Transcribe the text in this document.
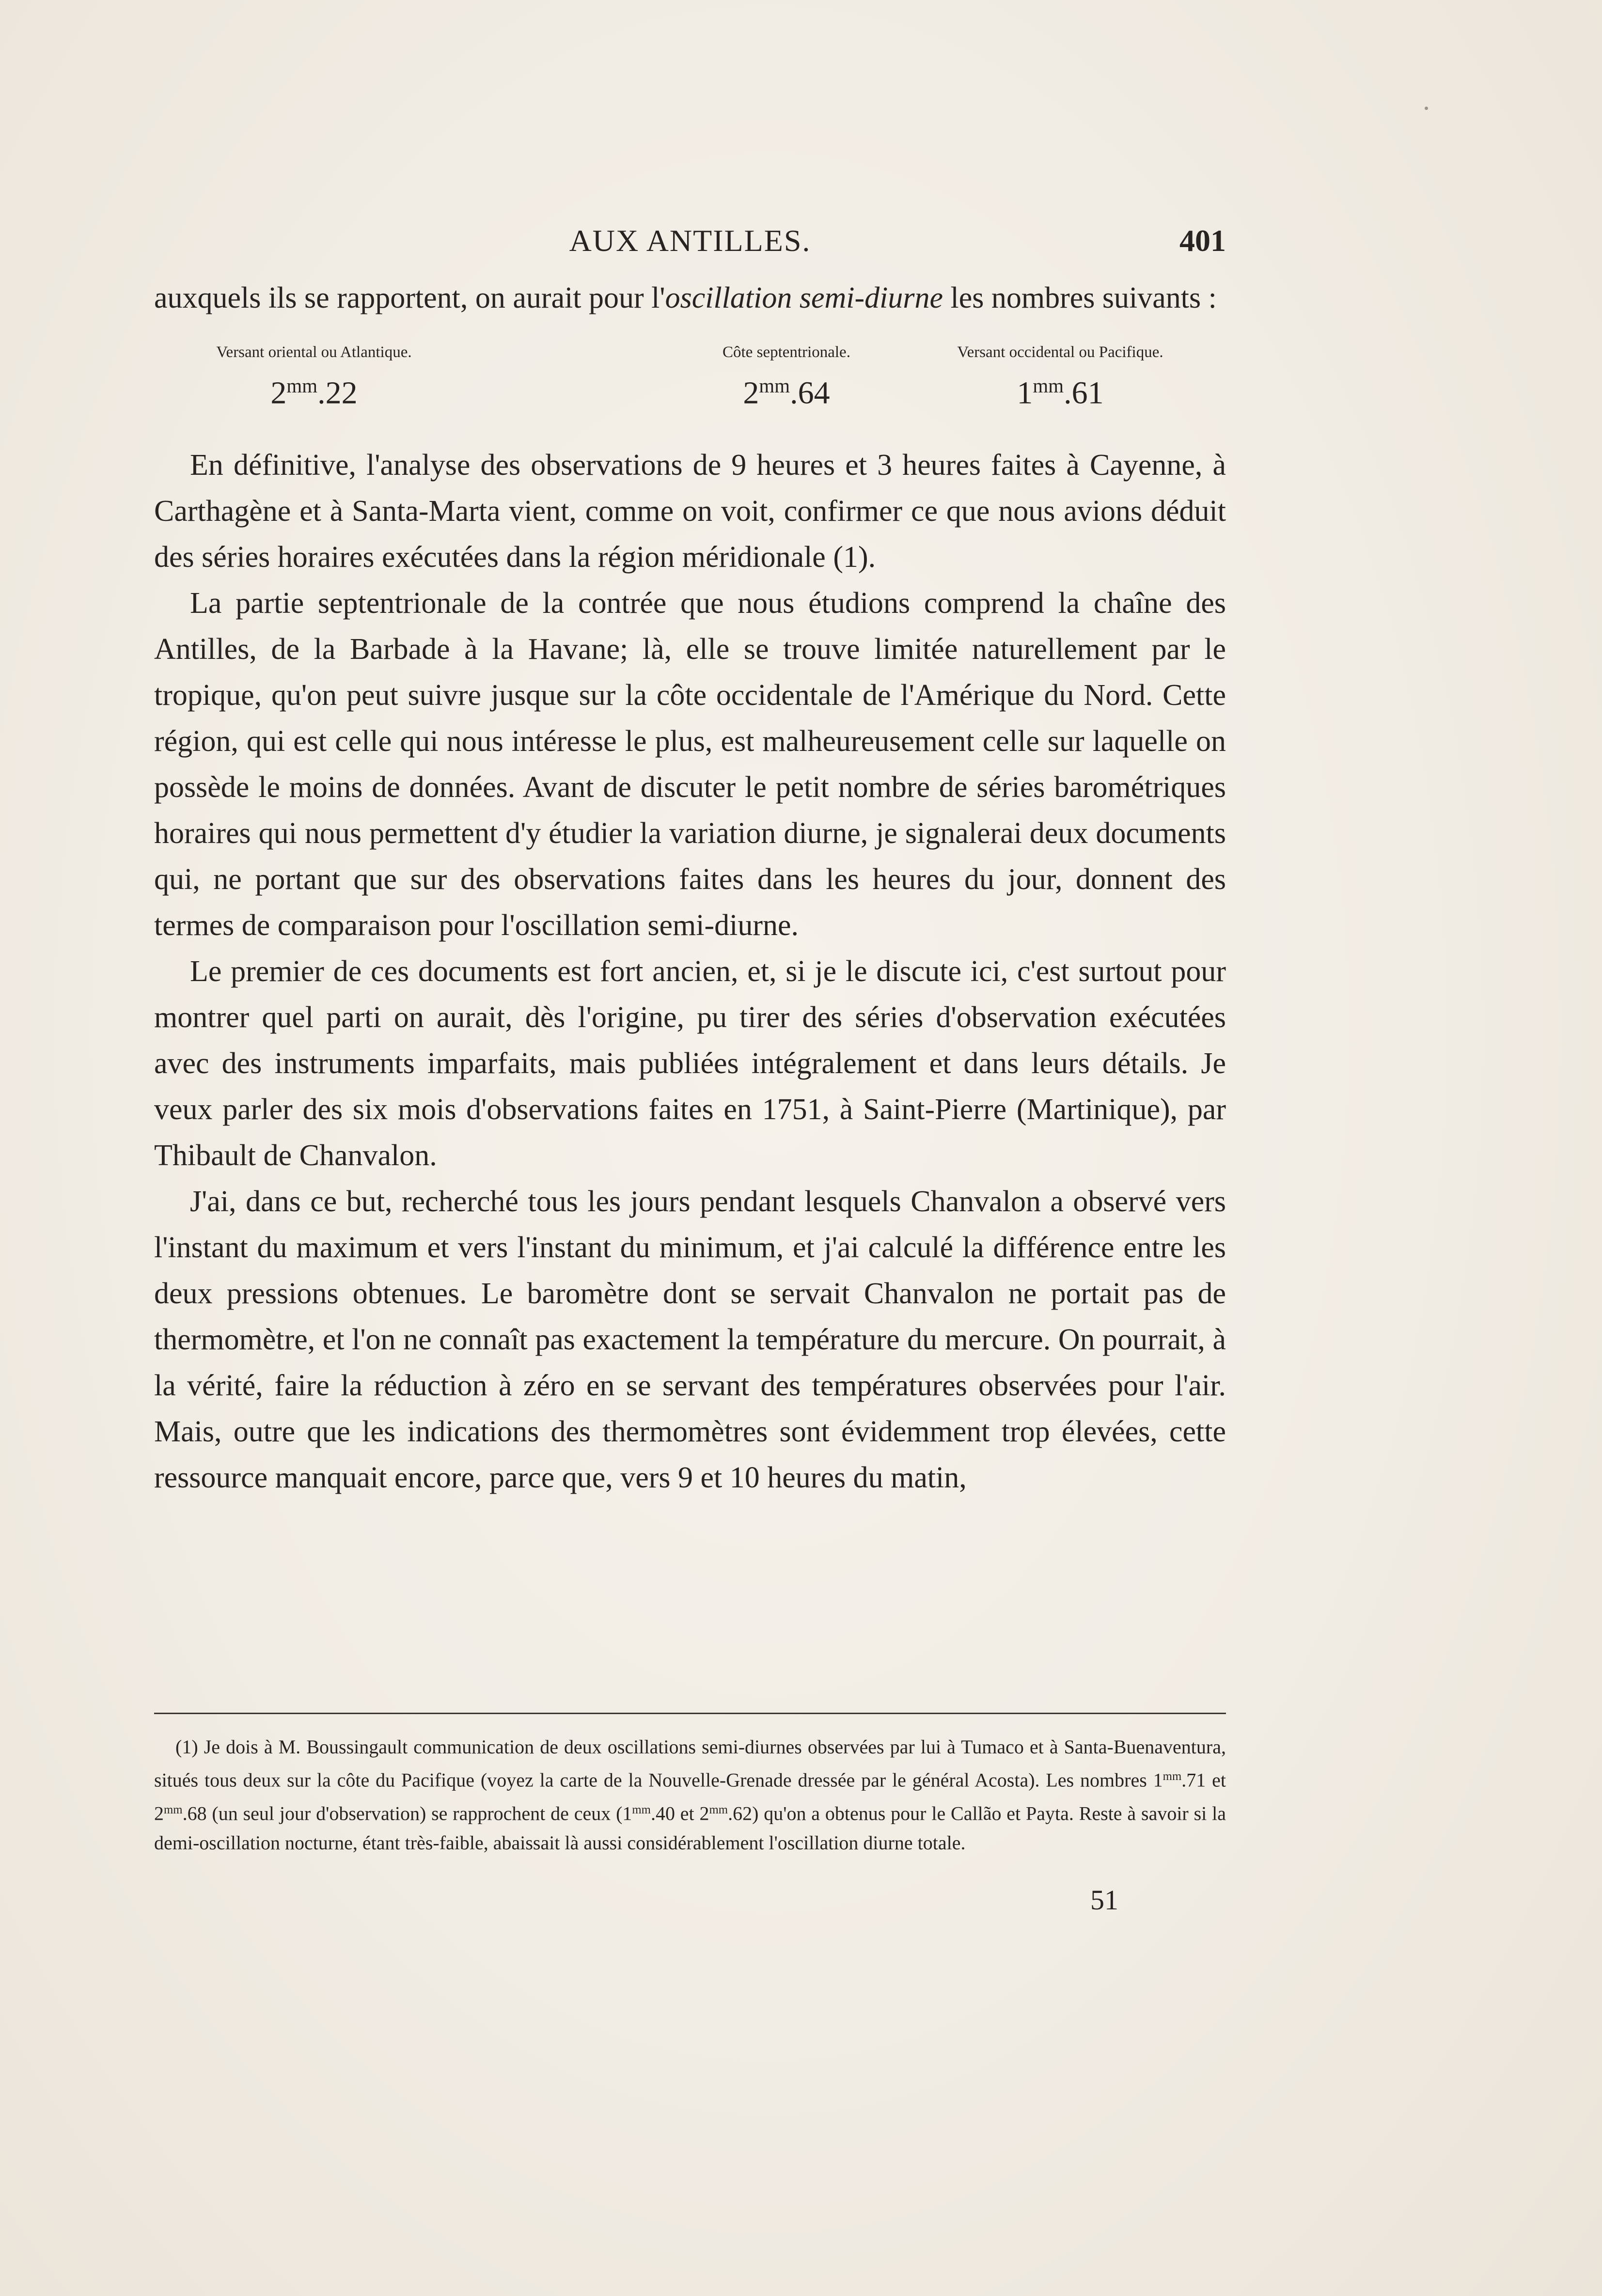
AUX ANTILLES.	401

auxquels ils se rapportent, on aurait pour l'oscillation semi-diurne les nombres suivants :

Versant oriental ou Atlantique.
$2^{mm}.22$
Côte septentrionale.
$2^{mm}.64$
Versant occidental ou Pacifique.
$1^{mm}.61$

En définitive, l'analyse des observations de 9 heures et 3 heures faites à Cayenne, à Carthagène et à Santa-Marta vient, comme on voit, confirmer ce que nous avions déduit des séries horaires exécutées dans la région méridionale (1).

La partie septentrionale de la contrée que nous étudions comprend la chaîne des Antilles, de la Barbade à la Havane; là, elle se trouve limitée naturellement par le tropique, qu'on peut suivre jusque sur la côte occidentale de l'Amérique du Nord. Cette région, qui est celle qui nous intéresse le plus, est malheureusement celle sur laquelle on possède le moins de données. Avant de discuter le petit nombre de séries barométriques horaires qui nous permettent d'y étudier la variation diurne, je signalerai deux documents qui, ne portant que sur des observations faites dans les heures du jour, donnent des termes de comparaison pour l'oscillation semi-diurne.

Le premier de ces documents est fort ancien, et, si je le discute ici, c'est surtout pour montrer quel parti on aurait, dès l'origine, pu tirer des séries d'observation exécutées avec des instruments imparfaits, mais publiées intégralement et dans leurs détails. Je veux parler des six mois d'observations faites en 1751, à Saint-Pierre (Martinique), par Thibault de Chanvalon.

J'ai, dans ce but, recherché tous les jours pendant lesquels Chanvalon a observé vers l'instant du maximum et vers l'instant du minimum, et j'ai calculé la différence entre les deux pressions obtenues. Le baromètre dont se servait Chanvalon ne portait pas de thermomètre, et l'on ne connaît pas exactement la température du mercure. On pourrait, à la vérité, faire la réduction à zéro en se servant des températures observées pour l'air. Mais, outre que les indications des thermomètres sont évidemment trop élevées, cette ressource manquait encore, parce que, vers 9 et 10 heures du matin,

(1) Je dois à M. Boussingault communication de deux oscillations semi-diurnes observées par lui à Tumaco et à Santa-Buenaventura, situés tous deux sur la côte du Pacifique (voyez la carte de la Nouvelle-Grenade dressée par le général Acosta). Les nombres $1^{mm}.71$ et $2^{mm}.68$ (un seul jour d'observation) se rapprochent de ceux ($1^{mm}.40$ et $2^{mm}.62$) qu'on a obtenus pour le Callão et Payta. Reste à savoir si la demi-oscillation nocturne, étant très-faible, abaissait là aussi considérablement l'oscillation diurne totale.

51
